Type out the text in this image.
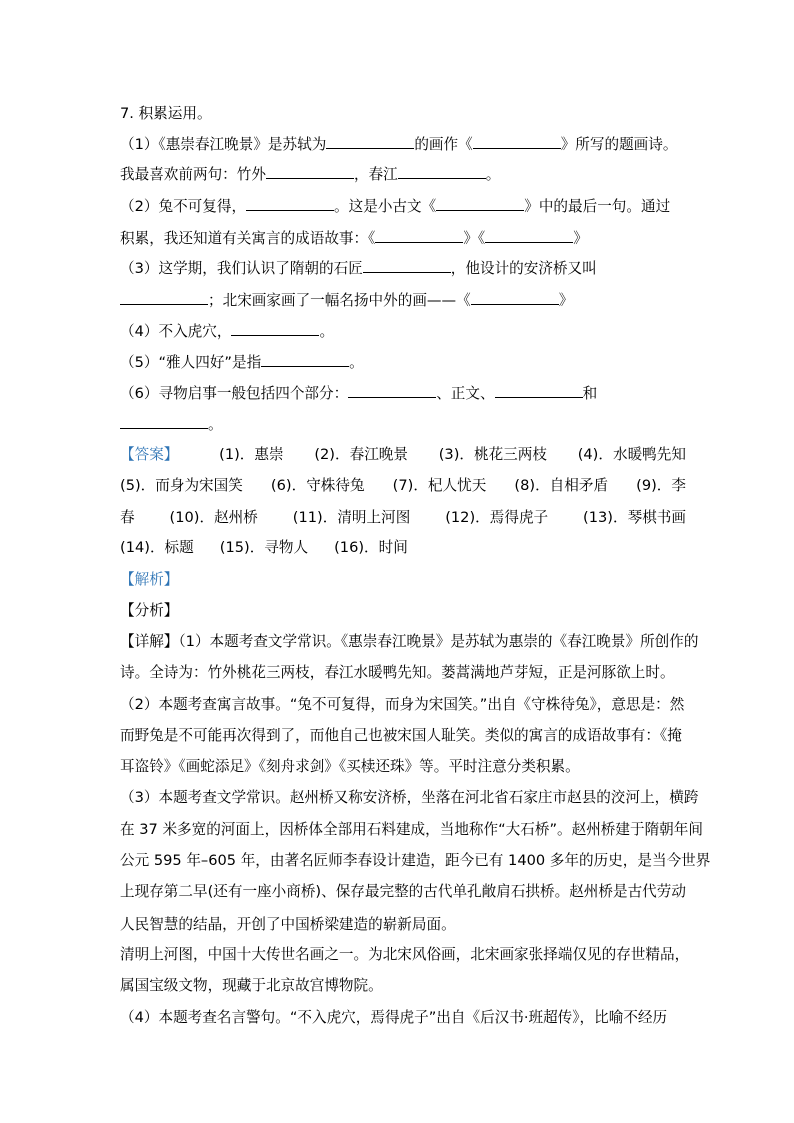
7. 积累运用。
（1）《惠崇春江晚景》是苏轼为	的画作《	》所写的题画诗。
我最喜欢前两句：竹外	，春江	。
（2）兔不可复得，	。这是小古文《	》中的最后一句。通过
积累，我还知道有关寓言的成语故事：《	》《	》
（3）这学期，我们认识了隋朝的石匠	，他设计的安济桥又叫
；北宋画家画了一幅名扬中外的画——《	》
（4）不入虎穴，	。
（5）“雅人四好”是指	。
（6）寻物启事一般包括四个部分：	、正文、	和
。
【答案】	(1)．惠崇 (2)．春江晚景 (3)．桃花三两枝 (4)．水暖鸭先知
(5)．而身为宋国笑 (6)．守株待兔 (7)．杞人忧天 (8)．自相矛盾 (9)．李
春 (10)．赵州桥 (11)．清明上河图 (12)．焉得虎子 (13)．琴棋书画
(14)．标题 (15)．寻物人 (16)．时间
【解析】
【分析】
【详解】（1）本题考查文学常识。《惠崇春江晚景》是苏轼为惠崇的《春江晚景》所创作的
诗。全诗为：竹外桃花三两枝，春江水暖鸭先知。蒌蒿满地芦芽短，正是河豚欲上时。
（2）本题考查寓言故事。“兔不可复得，而身为宋国笑。”出自《守株待兔》，意思是：然
而野兔是不可能再次得到了，而他自己也被宋国人耻笑。类似的寓言的成语故事有：《掩
耳盗铃》《画蛇添足》《刻舟求剑》《买椟还珠》等。平时注意分类积累。
（3）本题考查文学常识。赵州桥又称安济桥，坐落在河北省石家庄市赵县的洨河上，横跨
在 37 米多宽的河面上，因桥体全部用石料建成，当地称作“大石桥”。赵州桥建于隋朝年间
公元 595 年–605 年，由著名匠师李春设计建造，距今已有 1400 多年的历史，是当今世界
上现存第二早(还有一座小商桥)、保存最完整的古代单孔敞肩石拱桥。赵州桥是古代劳动
人民智慧的结晶，开创了中国桥梁建造的崭新局面。
清明上河图，中国十大传世名画之一。为北宋风俗画，北宋画家张择端仅见的存世精品，
属国宝级文物，现藏于北京故宫博物院。
（4）本题考查名言警句。“不入虎穴，焉得虎子”出自《后汉书·班超传》，比喻不经历
